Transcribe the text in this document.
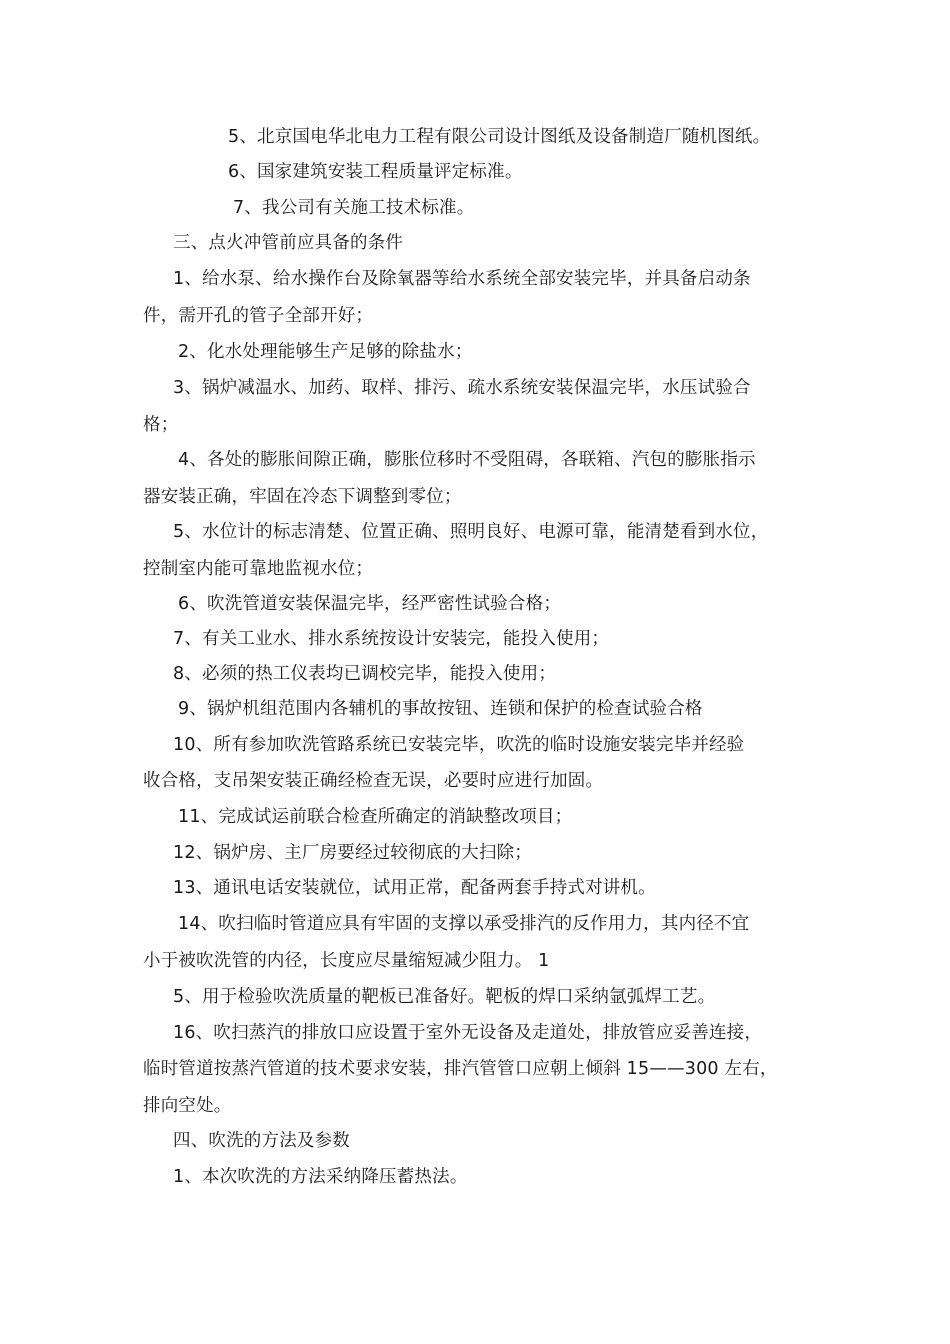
5、北京国电华北电力工程有限公司设计图纸及设备制造厂随机图纸。
6、国家建筑安装工程质量评定标准。
7、我公司有关施工技术标准。
三、点火冲管前应具备的条件
1、给水泵、给水操作台及除氧器等给水系统全部安装完毕，并具备启动条
件，需开孔的管子全部开好；
2、化水处理能够生产足够的除盐水；
3、锅炉减温水、加药、取样、排污、疏水系统安装保温完毕，水压试验合
格；
4、各处的膨胀间隙正确，膨胀位移时不受阻碍，各联箱、汽包的膨胀指示
器安装正确，牢固在冷态下调整到零位；
5、水位计的标志清楚、位置正确、照明良好、电源可靠，能清楚看到水位，
控制室内能可靠地监视水位；
6、吹洗管道安装保温完毕，经严密性试验合格；
7、有关工业水、排水系统按设计安装完，能投入使用；
8、必须的热工仪表均已调校完毕，能投入使用；
9、锅炉机组范围内各辅机的事故按钮、连锁和保护的检查试验合格
10、所有参加吹洗管路系统已安装完毕，吹洗的临时设施安装完毕并经验
收合格，支吊架安装正确经检查无误，必要时应进行加固。
11、完成试运前联合检查所确定的消缺整改项目；
12、锅炉房、主厂房要经过较彻底的大扫除；
13、通讯电话安装就位，试用正常，配备两套手持式对讲机。
14、吹扫临时管道应具有牢固的支撑以承受排汽的反作用力，其内径不宜
小于被吹洗管的内径，长度应尽量缩短减少阻力。 1
5、用于检验吹洗质量的靶板已准备好。靶板的焊口采纳氩弧焊工艺。
16、吹扫蒸汽的排放口应设置于室外无设备及走道处，排放管应妥善连接，
临时管道按蒸汽管道的技术要求安装，排汽管管口应朝上倾斜 15——300 左右，
排向空处。
四、吹洗的方法及参数
1、本次吹洗的方法采纳降压蓄热法。
